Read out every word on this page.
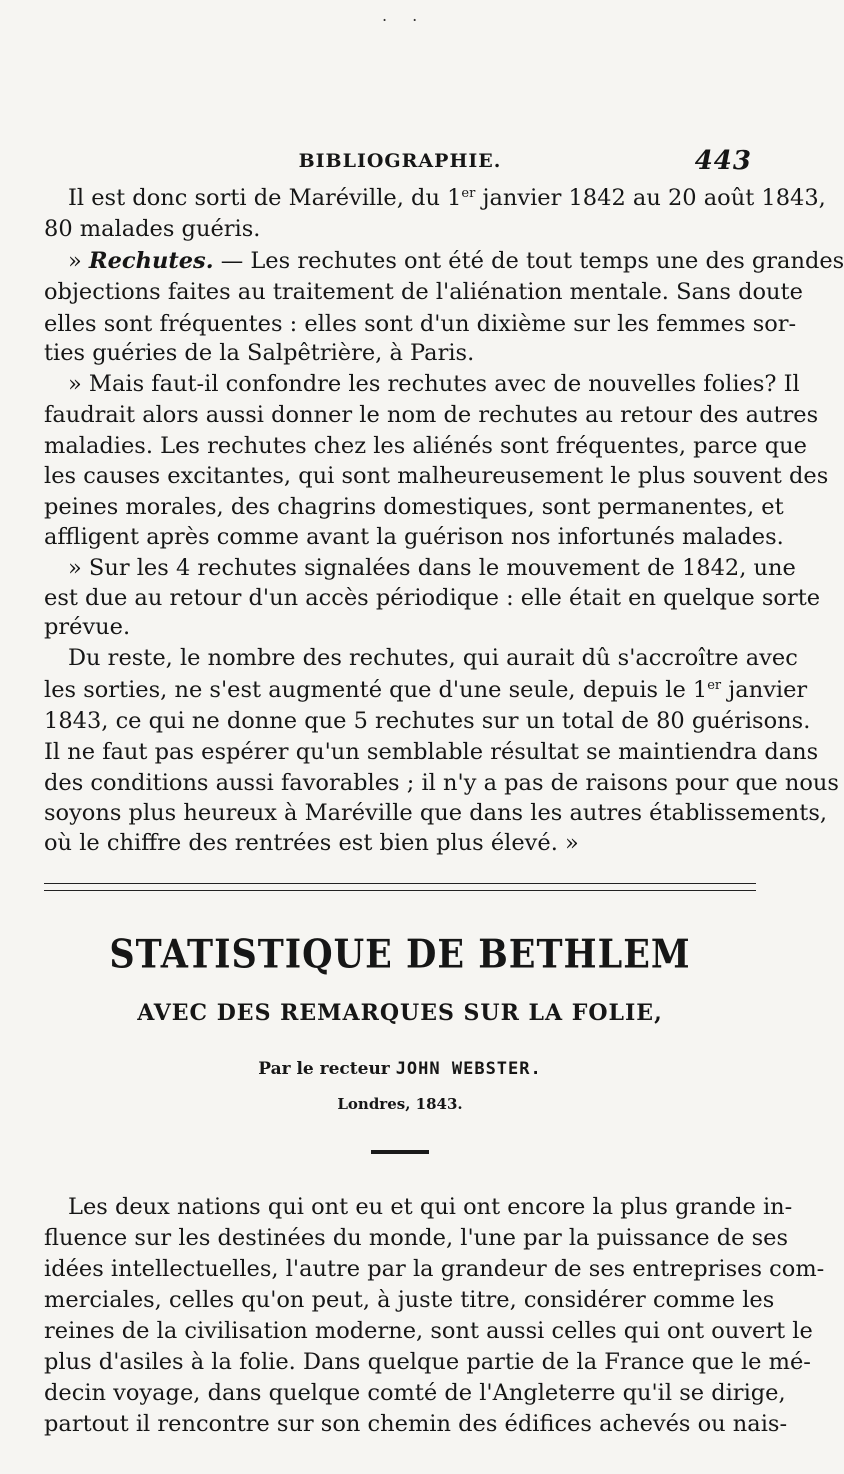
. .
BIBLIOGRAPHIE.	443
Il est donc sorti de Maréville, du 1er janvier 1842 au 20 août 1843,
80 malades guéris.
» Rechutes. — Les rechutes ont été de tout temps une des grandes
objections faites au traitement de l'aliénation mentale. Sans doute
elles sont fréquentes : elles sont d'un dixième sur les femmes sor-
ties guéries de la Salpêtrière, à Paris.
» Mais faut-il confondre les rechutes avec de nouvelles folies? Il
faudrait alors aussi donner le nom de rechutes au retour des autres
maladies. Les rechutes chez les aliénés sont fréquentes, parce que
les causes excitantes, qui sont malheureusement le plus souvent des
peines morales, des chagrins domestiques, sont permanentes, et
affligent après comme avant la guérison nos infortunés malades.
» Sur les 4 rechutes signalées dans le mouvement de 1842, une
est due au retour d'un accès périodique : elle était en quelque sorte
prévue.
Du reste, le nombre des rechutes, qui aurait dû s'accroître avec
les sorties, ne s'est augmenté que d'une seule, depuis le 1er janvier
1843, ce qui ne donne que 5 rechutes sur un total de 80 guérisons.
Il ne faut pas espérer qu'un semblable résultat se maintiendra dans
des conditions aussi favorables ; il n'y a pas de raisons pour que nous
soyons plus heureux à Maréville que dans les autres établissements,
où le chiffre des rentrées est bien plus élevé. »
STATISTIQUE DE BETHLEM
AVEC DES REMARQUES SUR LA FOLIE,
Par le recteur JOHN WEBSTER.
Londres, 1843.
Les deux nations qui ont eu et qui ont encore la plus grande in-
fluence sur les destinées du monde, l'une par la puissance de ses
idées intellectuelles, l'autre par la grandeur de ses entreprises com-
merciales, celles qu'on peut, à juste titre, considérer comme les
reines de la civilisation moderne, sont aussi celles qui ont ouvert le
plus d'asiles à la folie. Dans quelque partie de la France que le mé-
decin voyage, dans quelque comté de l'Angleterre qu'il se dirige,
partout il rencontre sur son chemin des édifices achevés ou nais-
